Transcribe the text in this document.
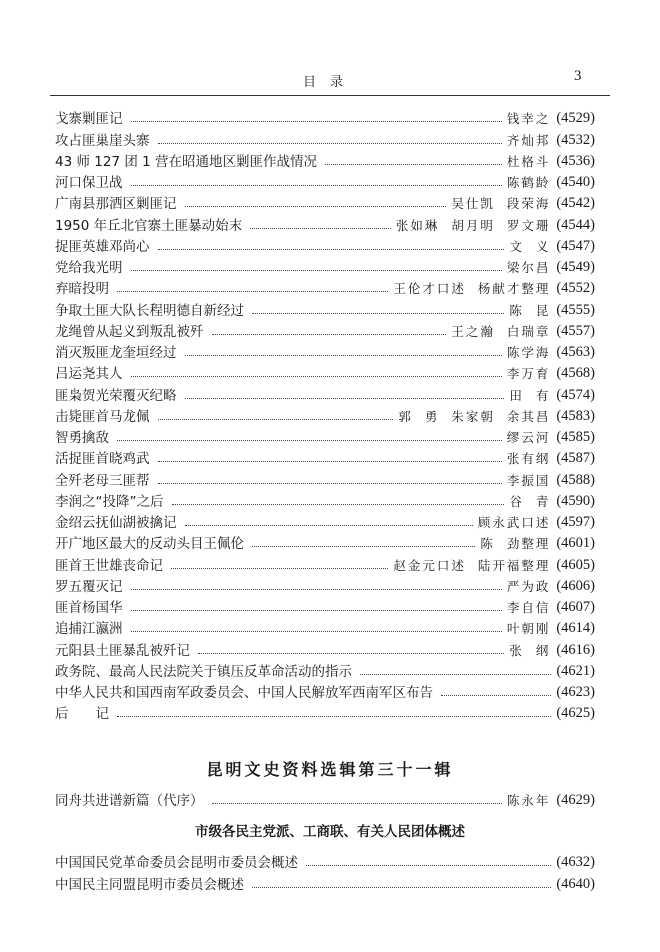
目录	3
戈寨剿匪记	钱幸之 (4529)
攻占匪巢崖头寨	齐灿邦 (4532)
43 师 127 团 1 营在昭通地区剿匪作战情况	杜格斗 (4536)
河口保卫战	陈鹤龄 (4540)
广南县那洒区剿匪记	吴仕凯 段荣海 (4542)
1950 年丘北官寨土匪暴动始末	张如琳 胡月明 罗文珊 (4544)
捉匪英雄邓尚心	文 义 (4547)
党给我光明	梁尔昌 (4549)
弃暗投明	王伦才口述 杨献才整理 (4552)
争取土匪大队长程明德自新经过	陈 昆 (4555)
龙绳曾从起义到叛乱被歼	王之瀚 白瑞章 (4557)
消灭叛匪龙奎垣经过	陈学海 (4563)
吕运尧其人	李万育 (4568)
匪枭贺光荣覆灭纪略	田 有 (4574)
击毙匪首马龙佩	郭 勇 朱家朝 余其昌 (4583)
智勇擒敌	缪云河 (4585)
活捉匪首晓鸡武	张有纲 (4587)
全歼老母三匪帮	李振国 (4588)
李润之“投降”之后	谷 青 (4590)
金绍云抚仙湖被擒记	顾永武口述 (4597)
开广地区最大的反动头目王佩伦	陈 劲整理 (4601)
匪首王世雄丧命记	赵金元口述 陆开福整理 (4605)
罗五覆灭记	严为政 (4606)
匪首杨国华	李自信 (4607)
追捕江瀛洲	叶朝刚 (4614)
元阳县土匪暴乱被歼记	张 纲 (4616)
政务院、最高人民法院关于镇压反革命活动的指示	(4621)
中华人民共和国西南军政委员会、中国人民解放军西南军区布告	(4623)
后　　记	(4625)
昆明文史资料选辑第三十一辑
同舟共进谱新篇（代序）	陈永年 (4629)
市级各民主党派、工商联、有关人民团体概述
中国国民党革命委员会昆明市委员会概述	(4632)
中国民主同盟昆明市委员会概述	(4640)
